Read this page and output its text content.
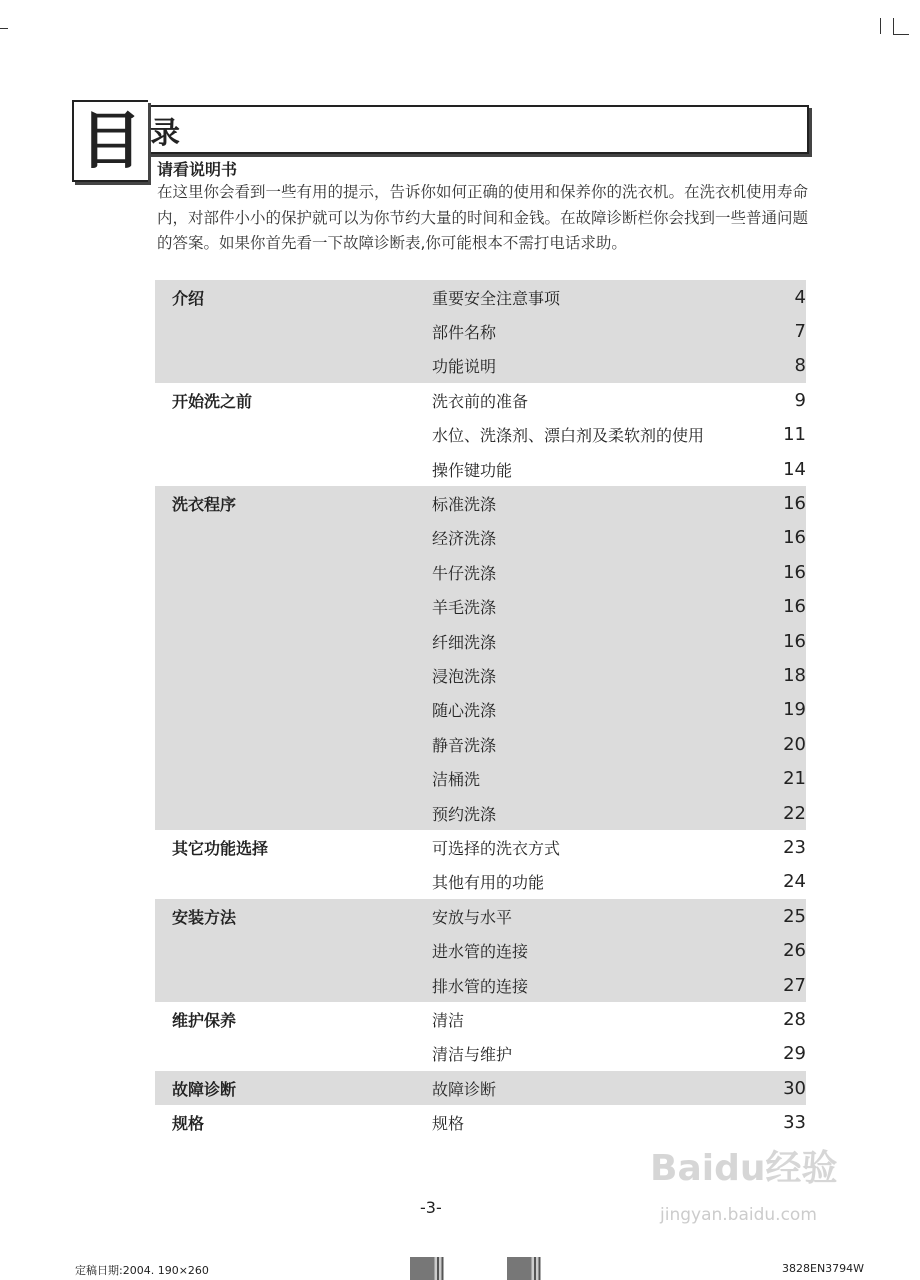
目 录
请看说明书
在这里你会看到一些有用的提示，告诉你如何正确的使用和保养你的洗衣机。在洗衣机使用寿命内，对部件小小的保护就可以为你节约大量的时间和金钱。在故障诊断栏你会找到一些普通问题的答案。如果你首先看一下故障诊断表,你可能根本不需打电话求助。
介绍	重要安全注意事项	4
部件名称	7
功能说明	8
开始洗之前	洗衣前的准备	9
水位、洗涤剂、漂白剂及柔软剂的使用	11
操作键功能	14
洗衣程序	标准洗涤	16
经济洗涤	16
牛仔洗涤	16
羊毛洗涤	16
纤细洗涤	16
浸泡洗涤	18
随心洗涤	19
静音洗涤	20
洁桶洗	21
预约洗涤	22
其它功能选择	可选择的洗衣方式	23
其他有用的功能	24
安装方法	安放与水平	25
进水管的连接	26
排水管的连接	27
维护保养	清洁	28
清洁与维护	29
故障诊断	故障诊断	30
规格	规格	33
-3-
Baidu经验
jingyan.baidu.com
定稿日期:2004. 190×260	3828EN3794W
